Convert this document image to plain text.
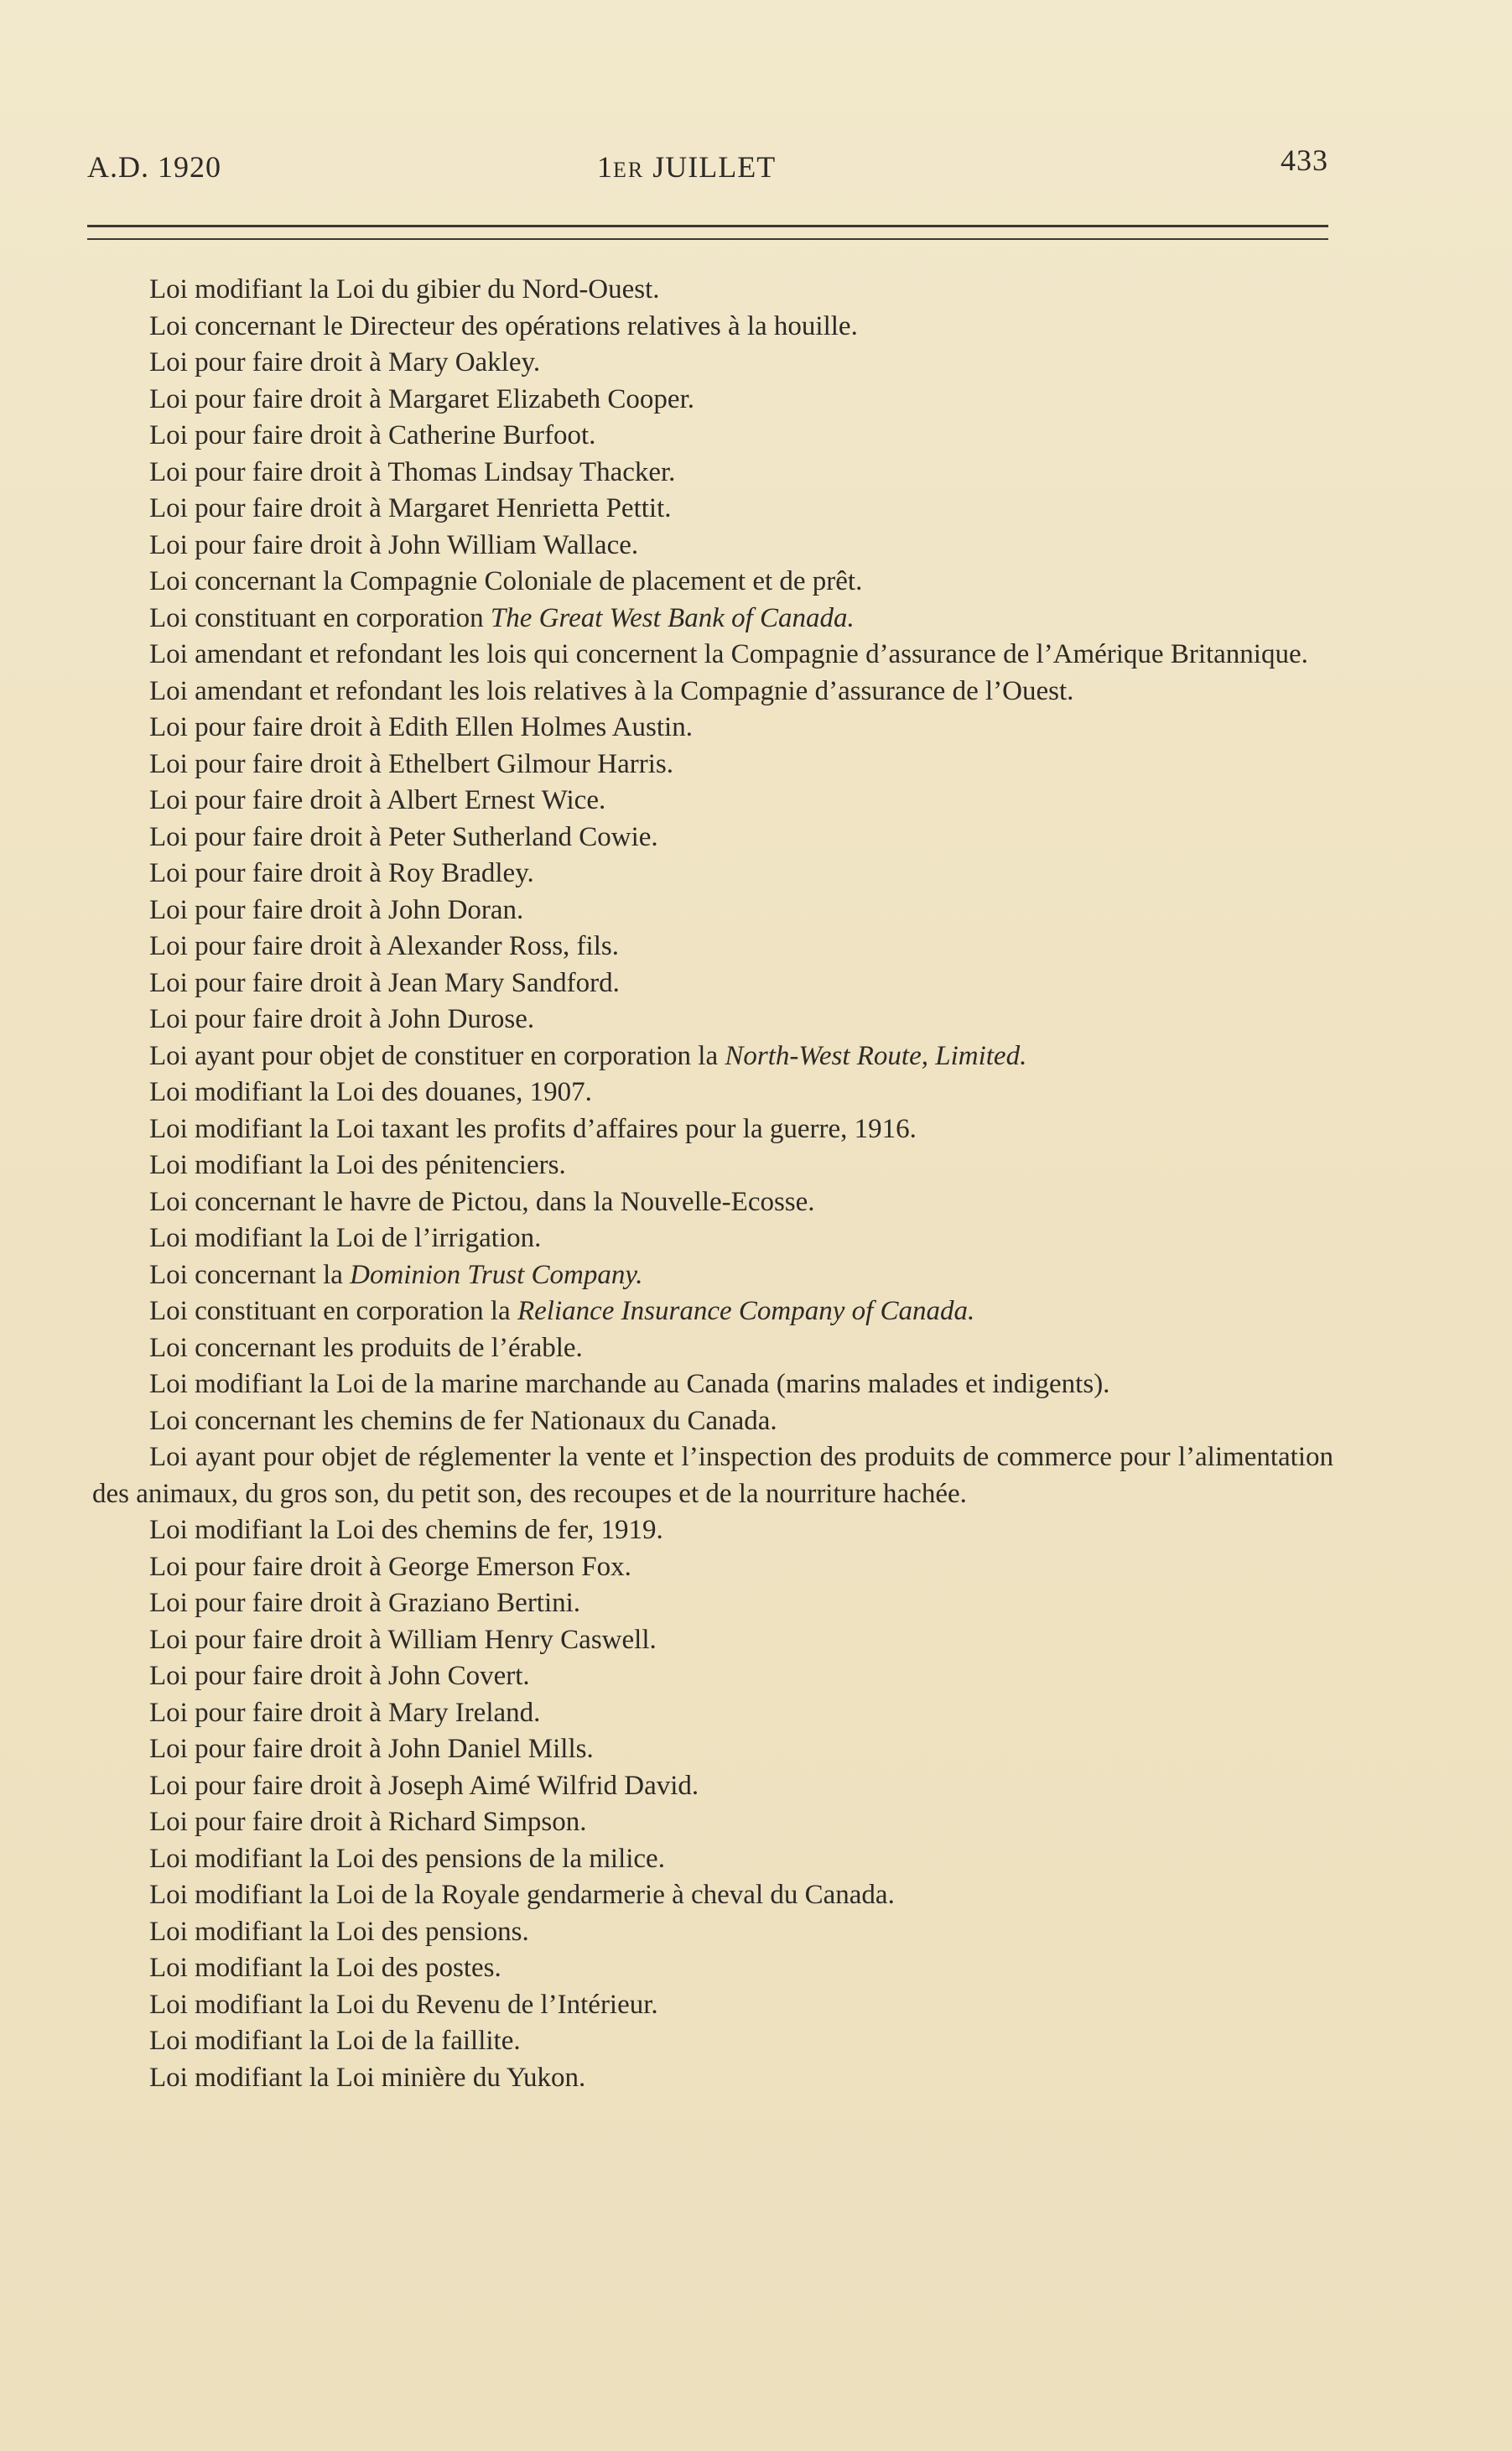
A.D. 1920	1ER JUILLET	433
Loi modifiant la Loi du gibier du Nord-Ouest.
Loi concernant le Directeur des opérations relatives à la houille.
Loi pour faire droit à Mary Oakley.
Loi pour faire droit à Margaret Elizabeth Cooper.
Loi pour faire droit à Catherine Burfoot.
Loi pour faire droit à Thomas Lindsay Thacker.
Loi pour faire droit à Margaret Henrietta Pettit.
Loi pour faire droit à John William Wallace.
Loi concernant la Compagnie Coloniale de placement et de prêt.
Loi constituant en corporation The Great West Bank of Canada.
Loi amendant et refondant les lois qui concernent la Compagnie d’assurance de l’Amérique Britannique.
Loi amendant et refondant les lois relatives à la Compagnie d’assurance de l’Ouest.
Loi pour faire droit à Edith Ellen Holmes Austin.
Loi pour faire droit à Ethelbert Gilmour Harris.
Loi pour faire droit à Albert Ernest Wice.
Loi pour faire droit à Peter Sutherland Cowie.
Loi pour faire droit à Roy Bradley.
Loi pour faire droit à John Doran.
Loi pour faire droit à Alexander Ross, fils.
Loi pour faire droit à Jean Mary Sandford.
Loi pour faire droit à John Durose.
Loi ayant pour objet de constituer en corporation la North-West Route, Limited.
Loi modifiant la Loi des douanes, 1907.
Loi modifiant la Loi taxant les profits d’affaires pour la guerre, 1916.
Loi modifiant la Loi des pénitenciers.
Loi concernant le havre de Pictou, dans la Nouvelle-Ecosse.
Loi modifiant la Loi de l’irrigation.
Loi concernant la Dominion Trust Company.
Loi constituant en corporation la Reliance Insurance Company of Canada.
Loi concernant les produits de l’érable.
Loi modifiant la Loi de la marine marchande au Canada (marins malades et indigents).
Loi concernant les chemins de fer Nationaux du Canada.
Loi ayant pour objet de réglementer la vente et l’inspection des produits de commerce pour l’alimentation des animaux, du gros son, du petit son, des recoupes et de la nourriture hachée.
Loi modifiant la Loi des chemins de fer, 1919.
Loi pour faire droit à George Emerson Fox.
Loi pour faire droit à Graziano Bertini.
Loi pour faire droit à William Henry Caswell.
Loi pour faire droit à John Covert.
Loi pour faire droit à Mary Ireland.
Loi pour faire droit à John Daniel Mills.
Loi pour faire droit à Joseph Aimé Wilfrid David.
Loi pour faire droit à Richard Simpson.
Loi modifiant la Loi des pensions de la milice.
Loi modifiant la Loi de la Royale gendarmerie à cheval du Canada.
Loi modifiant la Loi des pensions.
Loi modifiant la Loi des postes.
Loi modifiant la Loi du Revenu de l’Intérieur.
Loi modifiant la Loi de la faillite.
Loi modifiant la Loi minière du Yukon.
